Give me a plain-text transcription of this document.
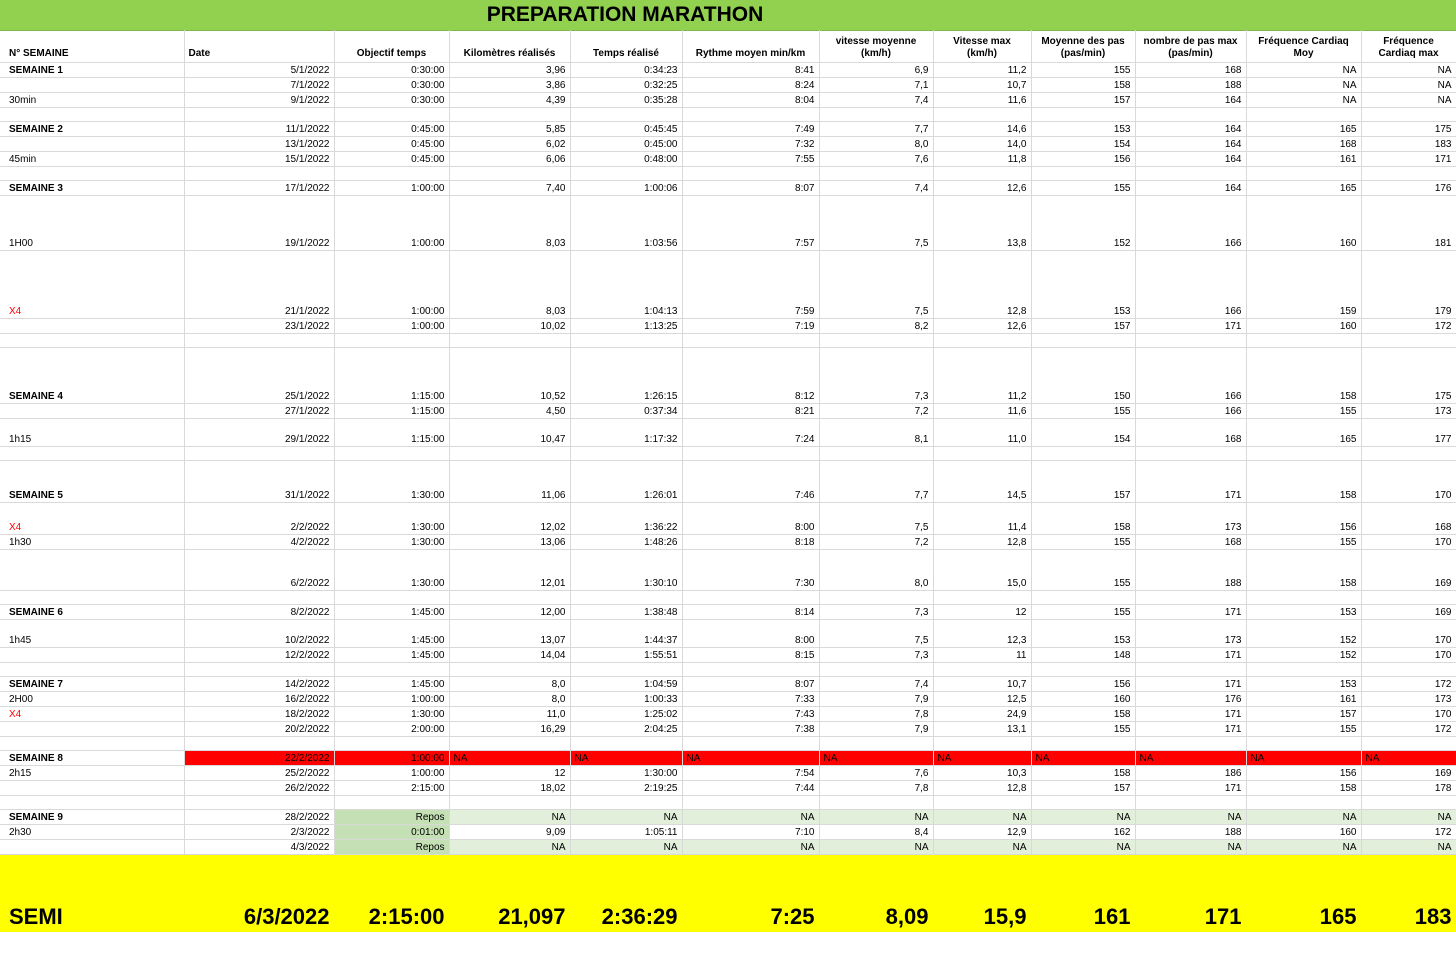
PREPARATION MARATHON
N° SEMAINE	Date	Objectif temps	Kilomètres réalisés	Temps réalisé	Rythme moyen min/km	vitesse moyenne (km/h)	Vitesse max (km/h)	Moyenne des pas (pas/min)	nombre de pas max (pas/min)	Fréquence Cardiaq Moy	Fréquence Cardiaq max
SEMAINE 1	5/1/2022	0:30:00	3,96	0:34:23	8:41	6,9	11,2	155	168	NA	NA
	7/1/2022	0:30:00	3,86	0:32:25	8:24	7,1	10,7	158	188	NA	NA
30min	9/1/2022	0:30:00	4,39	0:35:28	8:04	7,4	11,6	157	164	NA	NA

SEMAINE 2	11/1/2022	0:45:00	5,85	0:45:45	7:49	7,7	14,6	153	164	165	175
	13/1/2022	0:45:00	6,02	0:45:00	7:32	8,0	14,0	154	164	168	183
45min	15/1/2022	0:45:00	6,06	0:48:00	7:55	7,6	11,8	156	164	161	171

SEMAINE 3	17/1/2022	1:00:00	7,40	1:00:06	8:07	7,4	12,6	155	164	165	176
1H00	19/1/2022	1:00:00	8,03	1:03:56	7:57	7,5	13,8	152	166	160	181
X4	21/1/2022	1:00:00	8,03	1:04:13	7:59	7,5	12,8	153	166	159	179
	23/1/2022	1:00:00	10,02	1:13:25	7:19	8,2	12,6	157	171	160	172

SEMAINE 4	25/1/2022	1:15:00	10,52	1:26:15	8:12	7,3	11,2	150	166	158	175
	27/1/2022	1:15:00	4,50	0:37:34	8:21	7,2	11,6	155	166	155	173
1h15	29/1/2022	1:15:00	10,47	1:17:32	7:24	8,1	11,0	154	168	165	177

SEMAINE 5	31/1/2022	1:30:00	11,06	1:26:01	7:46	7,7	14,5	157	171	158	170
X4	2/2/2022	1:30:00	12,02	1:36:22	8:00	7,5	11,4	158	173	156	168
1h30	4/2/2022	1:30:00	13,06	1:48:26	8:18	7,2	12,8	155	168	155	170
	6/2/2022	1:30:00	12,01	1:30:10	7:30	8,0	15,0	155	188	158	169

SEMAINE 6	8/2/2022	1:45:00	12,00	1:38:48	8:14	7,3	12	155	171	153	169
1h45	10/2/2022	1:45:00	13,07	1:44:37	8:00	7,5	12,3	153	173	152	170
	12/2/2022	1:45:00	14,04	1:55:51	8:15	7,3	11	148	171	152	170

SEMAINE 7	14/2/2022	1:45:00	8,0	1:04:59	8:07	7,4	10,7	156	171	153	172
2H00	16/2/2022	1:00:00	8,0	1:00:33	7:33	7,9	12,5	160	176	161	173
X4	18/2/2022	1:30:00	11,0	1:25:02	7:43	7,8	24,9	158	171	157	170
	20/2/2022	2:00:00	16,29	2:04:25	7:38	7,9	13,1	155	171	155	172

SEMAINE 8	22/2/2022	1:00:00	NA	NA	NA	NA	NA	NA	NA	NA	NA
2h15	25/2/2022	1:00:00	12	1:30:00	7:54	7,6	10,3	158	186	156	169
	26/2/2022	2:15:00	18,02	2:19:25	7:44	7,8	12,8	157	171	158	178

SEMAINE 9	28/2/2022	Repos	NA	NA	NA	NA	NA	NA	NA	NA	NA
2h30	2/3/2022	0:01:00	9,09	1:05:11	7:10	8,4	12,9	162	188	160	172
	4/3/2022	Repos	NA	NA	NA	NA	NA	NA	NA	NA	NA
SEMI	6/3/2022	2:15:00	21,097	2:36:29	7:25	8,09	15,9	161	171	165	183
